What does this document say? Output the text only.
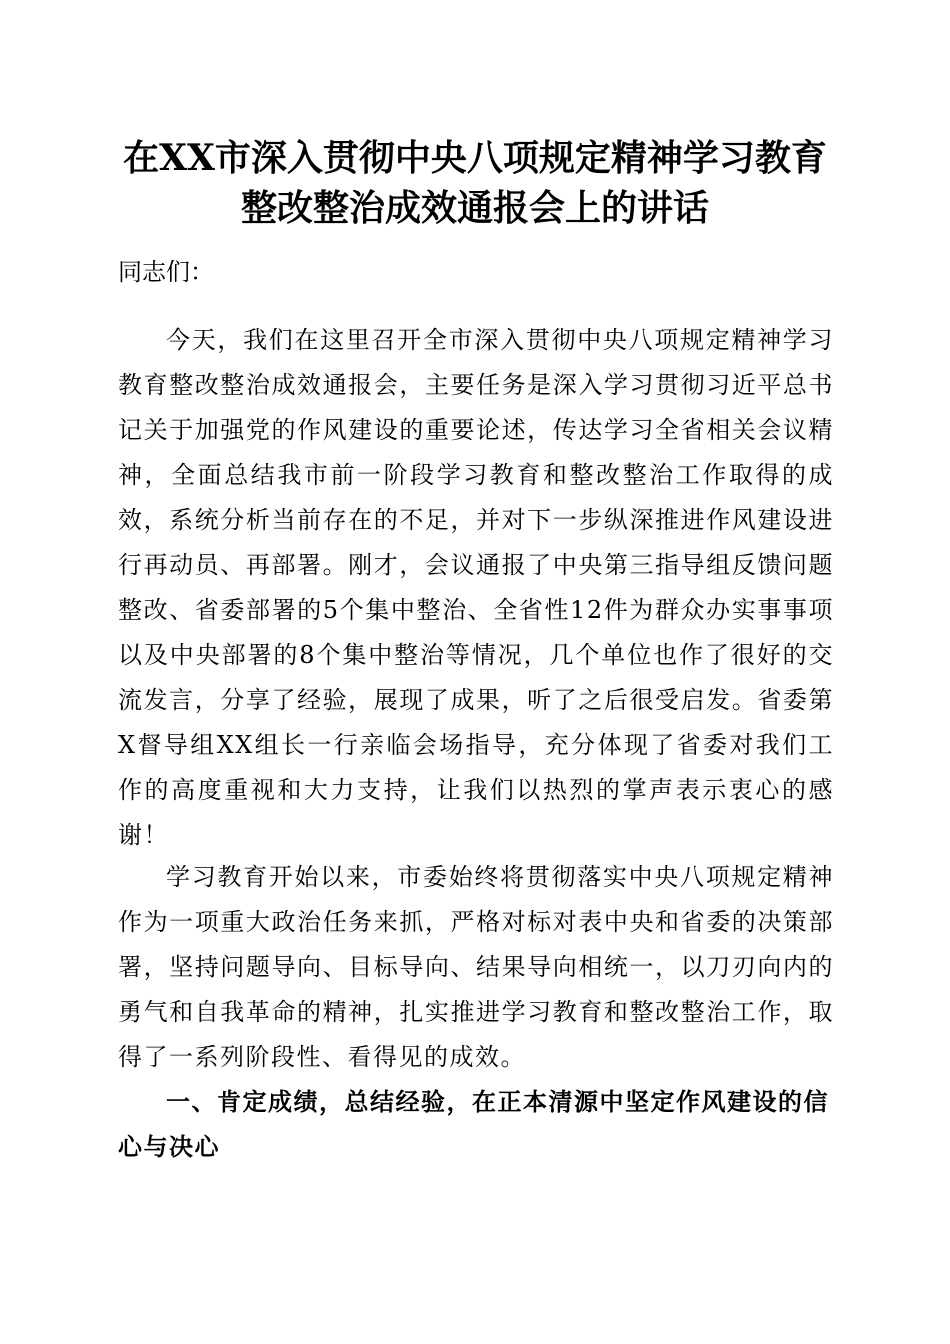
在XX市深入贯彻中央八项规定精神学习教育
整改整治成效通报会上的讲话
同志们：
今天，我们在这里召开全市深入贯彻中央八项规定精神学习教育整改整治成效通报会，主要任务是深入学习贯彻习近平总书记关于加强党的作风建设的重要论述，传达学习全省相关会议精神，全面总结我市前一阶段学习教育和整改整治工作取得的成效，系统分析当前存在的不足，并对下一步纵深推进作风建设进行再动员、再部署。刚才，会议通报了中央第三指导组反馈问题整改、省委部署的5个集中整治、全省性12件为群众办实事事项以及中央部署的8个集中整治等情况，几个单位也作了很好的交流发言，分享了经验，展现了成果，听了之后很受启发。省委第X督导组XX组长一行亲临会场指导，充分体现了省委对我们工作的高度重视和大力支持，让我们以热烈的掌声表示衷心的感谢！
学习教育开始以来，市委始终将贯彻落实中央八项规定精神作为一项重大政治任务来抓，严格对标对表中央和省委的决策部署，坚持问题导向、目标导向、结果导向相统一，以刀刃向内的勇气和自我革命的精神，扎实推进学习教育和整改整治工作，取得了一系列阶段性、看得见的成效。
一、肯定成绩，总结经验，在正本清源中坚定作风建设的信心与决心
